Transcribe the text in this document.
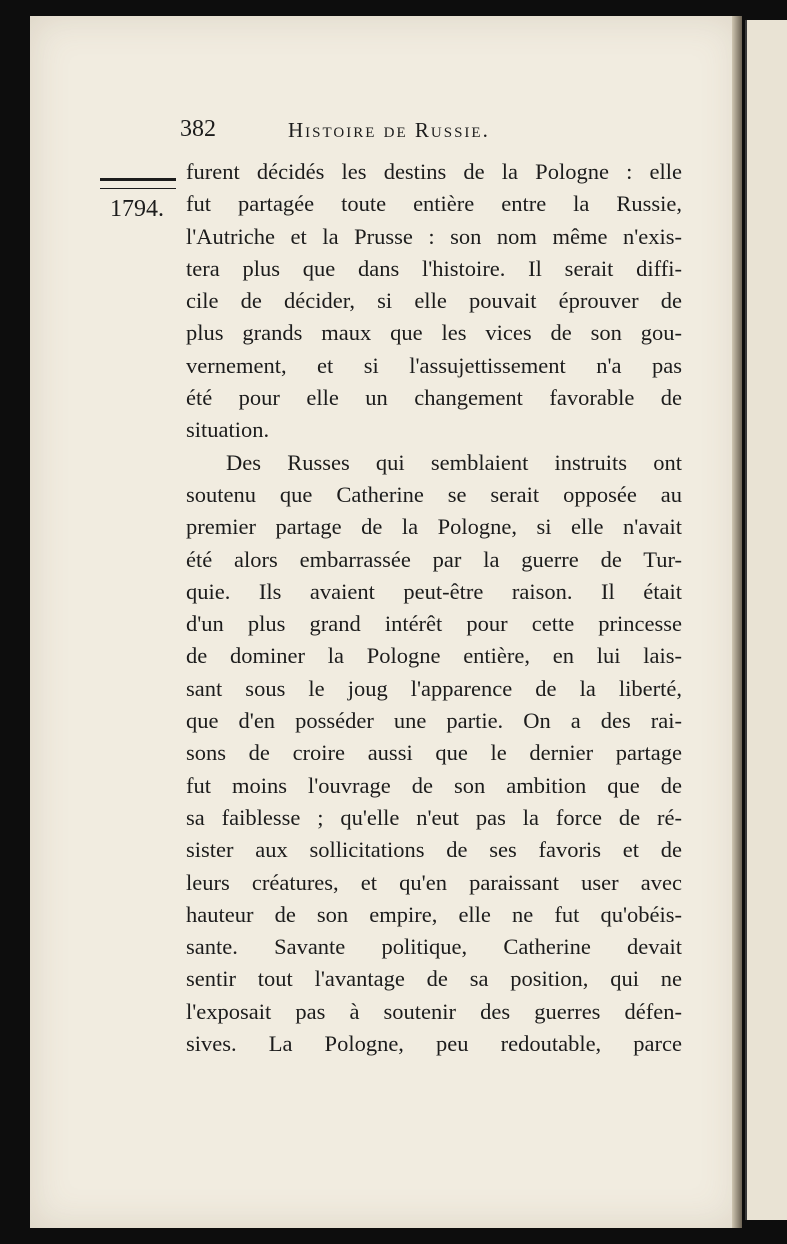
382	Histoire de Russie.
1794.
furent décidés les destins de la Pologne : elle
fut partagée toute entière entre la Russie,
l'Autriche et la Prusse : son nom même n'exis-
tera plus que dans l'histoire. Il serait diffi-
cile de décider, si elle pouvait éprouver de
plus grands maux que les vices de son gou-
vernement, et si l'assujettissement n'a pas
été pour elle un changement favorable de
situation.
Des Russes qui semblaient instruits ont
soutenu que Catherine se serait opposée au
premier partage de la Pologne, si elle n'avait
été alors embarrassée par la guerre de Tur-
quie. Ils avaient peut-être raison. Il était
d'un plus grand intérêt pour cette princesse
de dominer la Pologne entière, en lui lais-
sant sous le joug l'apparence de la liberté,
que d'en posséder une partie. On a des rai-
sons de croire aussi que le dernier partage
fut moins l'ouvrage de son ambition que de
sa faiblesse ; qu'elle n'eut pas la force de ré-
sister aux sollicitations de ses favoris et de
leurs créatures, et qu'en paraissant user avec
hauteur de son empire, elle ne fut qu'obéis-
sante. Savante politique, Catherine devait
sentir tout l'avantage de sa position, qui ne
l'exposait pas à soutenir des guerres défen-
sives. La Pologne, peu redoutable, parce
